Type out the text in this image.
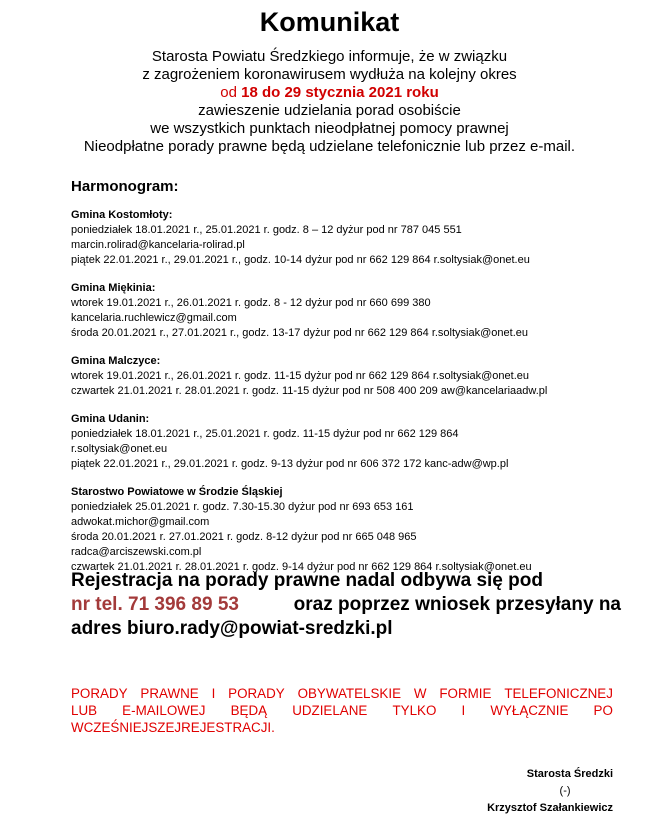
Komunikat
Starosta Powiatu Średzkiego informuje, że w związku
z zagrożeniem koronawirusem wydłuża na kolejny okres
od 18 do 29 stycznia 2021 roku
zawieszenie udzielania porad osobiście
we wszystkich punktach nieodpłatnej pomocy prawnej
Nieodpłatne porady prawne będą udzielane telefonicznie lub przez e-mail.
Harmonogram:
Gmina Kostomłoty:
poniedziałek 18.01.2021 r., 25.01.2021 r. godz. 8 – 12 dyżur pod nr 787 045 551
marcin.rolirad@kancelaria-rolirad.pl
piątek 22.01.2021 r., 29.01.2021 r., godz. 10-14 dyżur pod nr 662 129 864 r.soltysiak@onet.eu
Gmina Miękinia:
wtorek 19.01.2021 r., 26.01.2021 r. godz. 8 - 12 dyżur pod nr 660 699 380
kancelaria.ruchlewicz@gmail.com
środa 20.01.2021 r., 27.01.2021 r., godz. 13-17 dyżur pod nr 662 129 864 r.soltysiak@onet.eu
Gmina Malczyce:
wtorek 19.01.2021 r., 26.01.2021 r. godz. 11-15 dyżur pod nr 662 129 864 r.soltysiak@onet.eu
czwartek 21.01.2021 r. 28.01.2021 r. godz. 11-15 dyżur pod nr 508 400 209 aw@kancelariaadw.pl
Gmina Udanin:
poniedziałek 18.01.2021 r., 25.01.2021 r. godz. 11-15 dyżur pod nr 662 129 864
r.soltysiak@onet.eu
piątek 22.01.2021 r., 29.01.2021 r. godz. 9-13 dyżur pod nr 606 372 172 kanc-adw@wp.pl
Starostwo Powiatowe w Środzie Śląskiej
poniedziałek 25.01.2021 r. godz. 7.30-15.30 dyżur pod nr 693 653 161
adwokat.michor@gmail.com
środa 20.01.2021 r. 27.01.2021 r. godz. 8-12 dyżur pod nr 665 048 965
radca@arciszewski.com.pl
czwartek 21.01.2021 r. 28.01.2021 r. godz. 9-14 dyżur pod nr 662 129 864 r.soltysiak@onet.eu
Rejestracja na porady prawne nadal odbywa się pod
nr tel. 71 396 89 53	oraz poprzez wniosek przesyłany na
adres biuro.rady@powiat-sredzki.pl
PORADY PRAWNE I PORADY OBYWATELSKIE W FORMIE TELEFONICZNEJ
LUB E-MAILOWEJ BĘDĄ UDZIELANE TYLKO I WYŁĄCZNIE PO
WCZEŚNIEJSZEJ REJESTRACJI.
Starosta Średzki
(-)
Krzysztof Szałankiewicz
